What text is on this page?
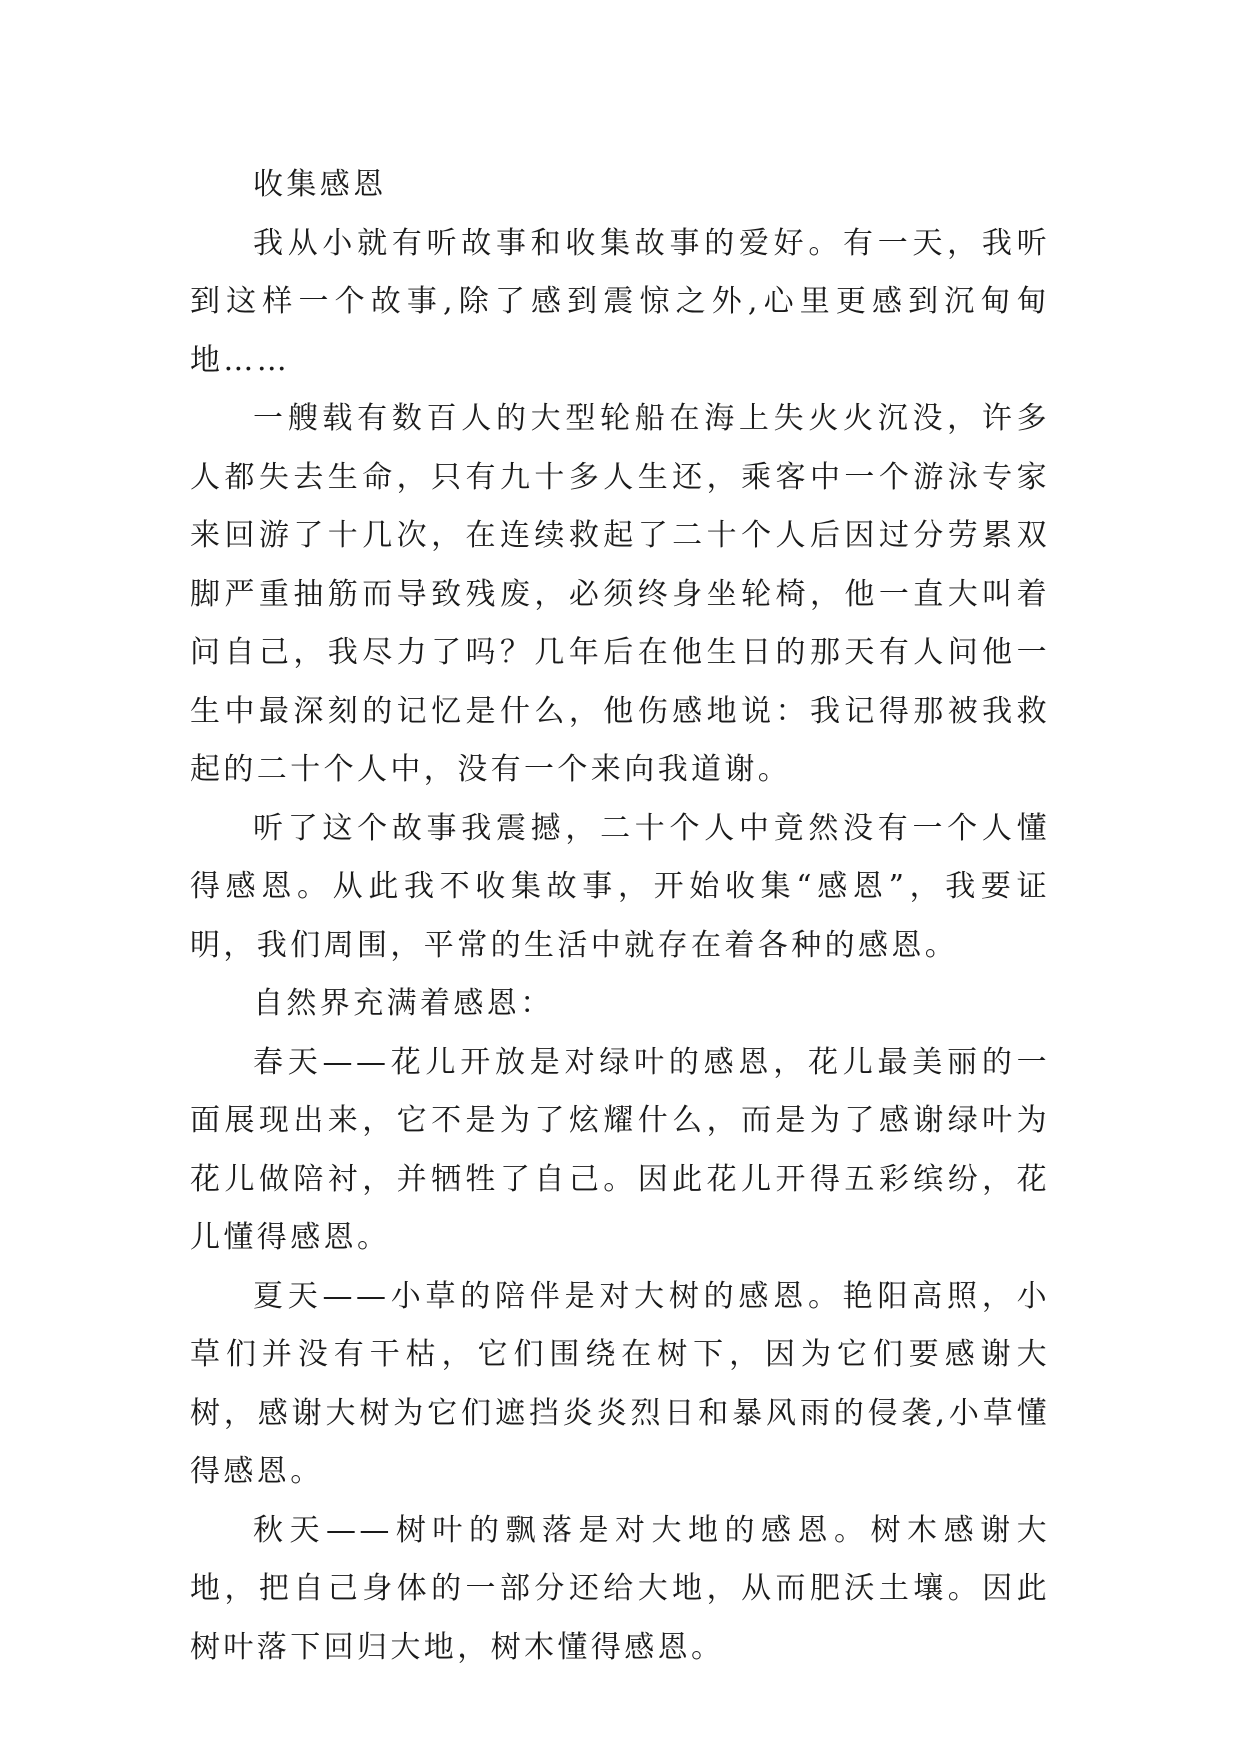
收集感恩

我从小就有听故事和收集故事的爱好。有一天，我听到这样一个故事,除了感到震惊之外,心里更感到沉甸甸地……

一艘载有数百人的大型轮船在海上失火火沉没，许多人都失去生命，只有九十多人生还，乘客中一个游泳专家来回游了十几次，在连续救起了二十个人后因过分劳累双脚严重抽筋而导致残废，必须终身坐轮椅，他一直大叫着问自己，我尽力了吗？几年后在他生日的那天有人问他一生中最深刻的记忆是什么，他伤感地说：我记得那被我救起的二十个人中，没有一个来向我道谢。

听了这个故事我震撼，二十个人中竟然没有一个人懂得感恩。从此我不收集故事，开始收集“感恩”，我要证明，我们周围，平常的生活中就存在着各种的感恩。

自然界充满着感恩：

春天——花儿开放是对绿叶的感恩，花儿最美丽的一面展现出来，它不是为了炫耀什么，而是为了感谢绿叶为花儿做陪衬，并牺牲了自己。因此花儿开得五彩缤纷，花儿懂得感恩。

夏天——小草的陪伴是对大树的感恩。艳阳高照，小草们并没有干枯，它们围绕在树下，因为它们要感谢大树，感谢大树为它们遮挡炎炎烈日和暴风雨的侵袭,小草懂得感恩。

秋天——树叶的飘落是对大地的感恩。树木感谢大地，把自己身体的一部分还给大地，从而肥沃土壤。因此树叶落下回归大地，树木懂得感恩。
